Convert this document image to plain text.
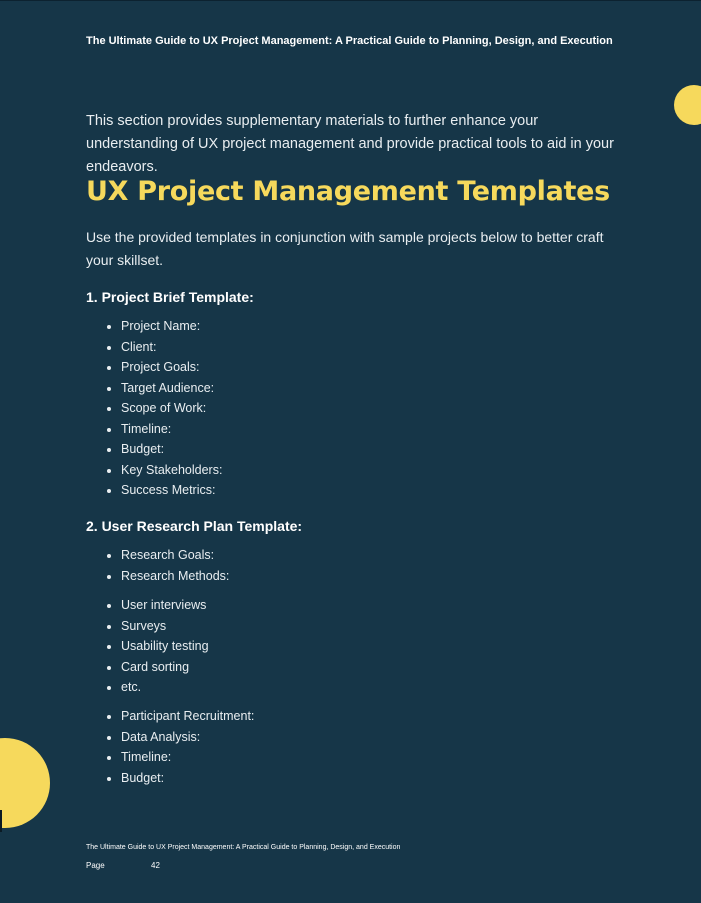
The Ultimate Guide to UX Project Management: A Practical Guide to Planning, Design, and Execution

This section provides supplementary materials to further enhance your understanding of UX project management and provide practical tools to aid in your endeavors.

UX Project Management Templates

Use the provided templates in conjunction with sample projects below to better craft your skillset.

1. Project Brief Template:
Project Name:
Client:
Project Goals:
Target Audience:
Scope of Work:
Timeline:
Budget:
Key Stakeholders:
Success Metrics:
2. User Research Plan Template:
Research Goals:
Research Methods:
User interviews
Surveys
Usability testing
Card sorting
etc.
Participant Recruitment:
Data Analysis:
Timeline:
Budget:
The Ultimate Guide to UX Project Management: A Practical Guide to Planning, Design, and Execution
Page	42
